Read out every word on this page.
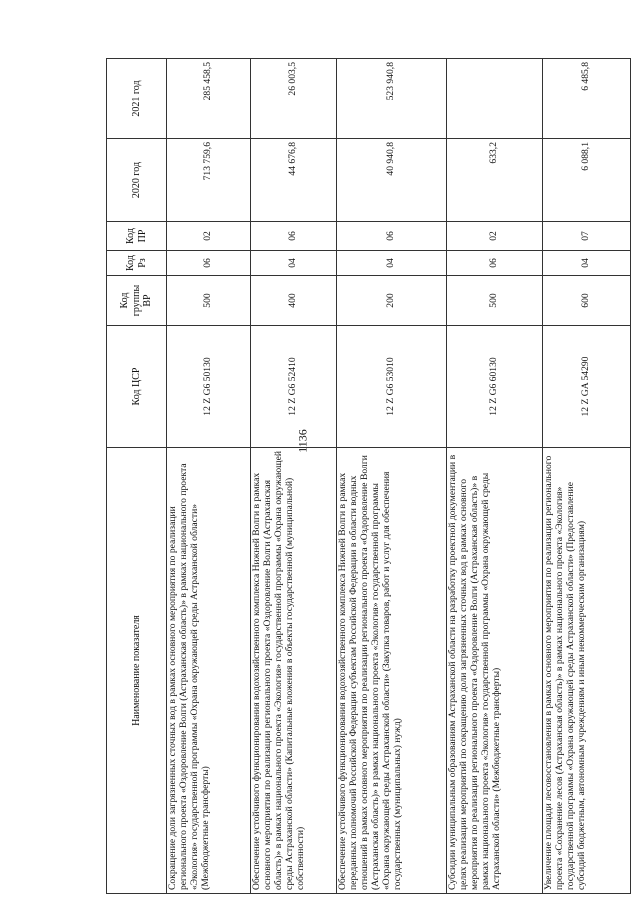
1136
Наименование показателя	Код ЦСР	Код группы ВР	Код Рз	Код ПР	2020 год	2021 год
Сокращение доли загрязненных сточных вод в рамках основного мероприятия по реализации регионального проекта «Оздоровление Волги (Астраханская область)» в рамках национального проекта «Экология» государственной программы «Охрана окружающей среды Астраханской области» (Межбюджетные трансферты)	12 Z G6 50130	500	06	02	713 759,6	285 458,5
Обеспечение устойчивого функционирования водохозяйственного комплекса Нижней Волги в рамках основного мероприятия по реализации регионального проекта «Оздоровление Волги (Астраханская область)» в рамках национального проекта «Экология» государственной программы «Охрана окружающей среды Астраханской области» (Капитальные вложения в объекты государственной (муниципальной) собственности)	12 Z G6 52410	400	04	06	44 676,8	26 003,5
Обеспечение устойчивого функционирования водохозяйственного комплекса Нижней Волги в рамках переданных полномочий Российской Федерации субъектам Российской Федерации в области водных отношений в рамках основного мероприятия по реализации регионального проекта «Оздоровление Волги (Астраханская область)» в рамках национального проекта «Экология» государственной программы «Охрана окружающей среды Астраханской области» (Закупка товаров, работ и услуг для обеспечения государственных (муниципальных) нужд)	12 Z G6 53010	200	04	06	40 940,8	523 940,8
Субсидии муниципальным образованиям Астраханской области на разработку проектной документации в целях реализации мероприятий по сокращению доли загрязненных сточных вод в рамках основного мероприятия по реализации регионального проекта «Оздоровление Волги (Астраханская область)» в рамках национального проекта «Экология» государственной программы «Охрана окружающей среды Астраханской области» (Межбюджетные трансферты)	12 Z G6 60130	500	06	02	633,2	
Увеличение площади лесовосстановления в рамках основного мероприятия по реализации регионального проекта «Сохранение лесов (Астраханская область)» в рамках национального проекта «Экология» государственной программы «Охрана окружающей среды Астраханской области» (Предоставление субсидий бюджетным, автономным учреждениям и иным некоммерческим организациям)	12 Z GA 54290	600	04	07	6 088,1	6 485,8
